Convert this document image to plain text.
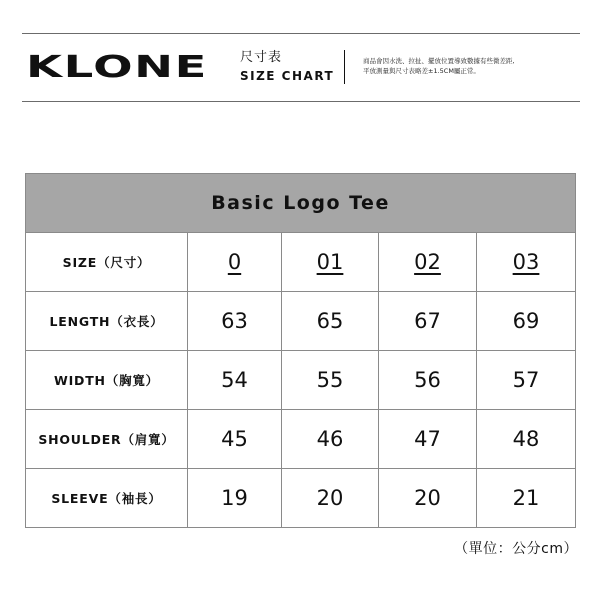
KLONE 尺寸表
SIZE CHART
商品會因水洗、拉扯、擺放位置導致數據有些微差距,
平放測量與尺寸表略差±1.5CM屬正常。
Basic Logo Tee				
SIZE（尺寸）	0	01	02	03
LENGTH（衣長）	63	65	67	69
WIDTH（胸寬）	54	55	56	57
SHOULDER（肩寬）	45	46	47	48
SLEEVE（袖長）	19	20	20	21
（單位：公分cm）
